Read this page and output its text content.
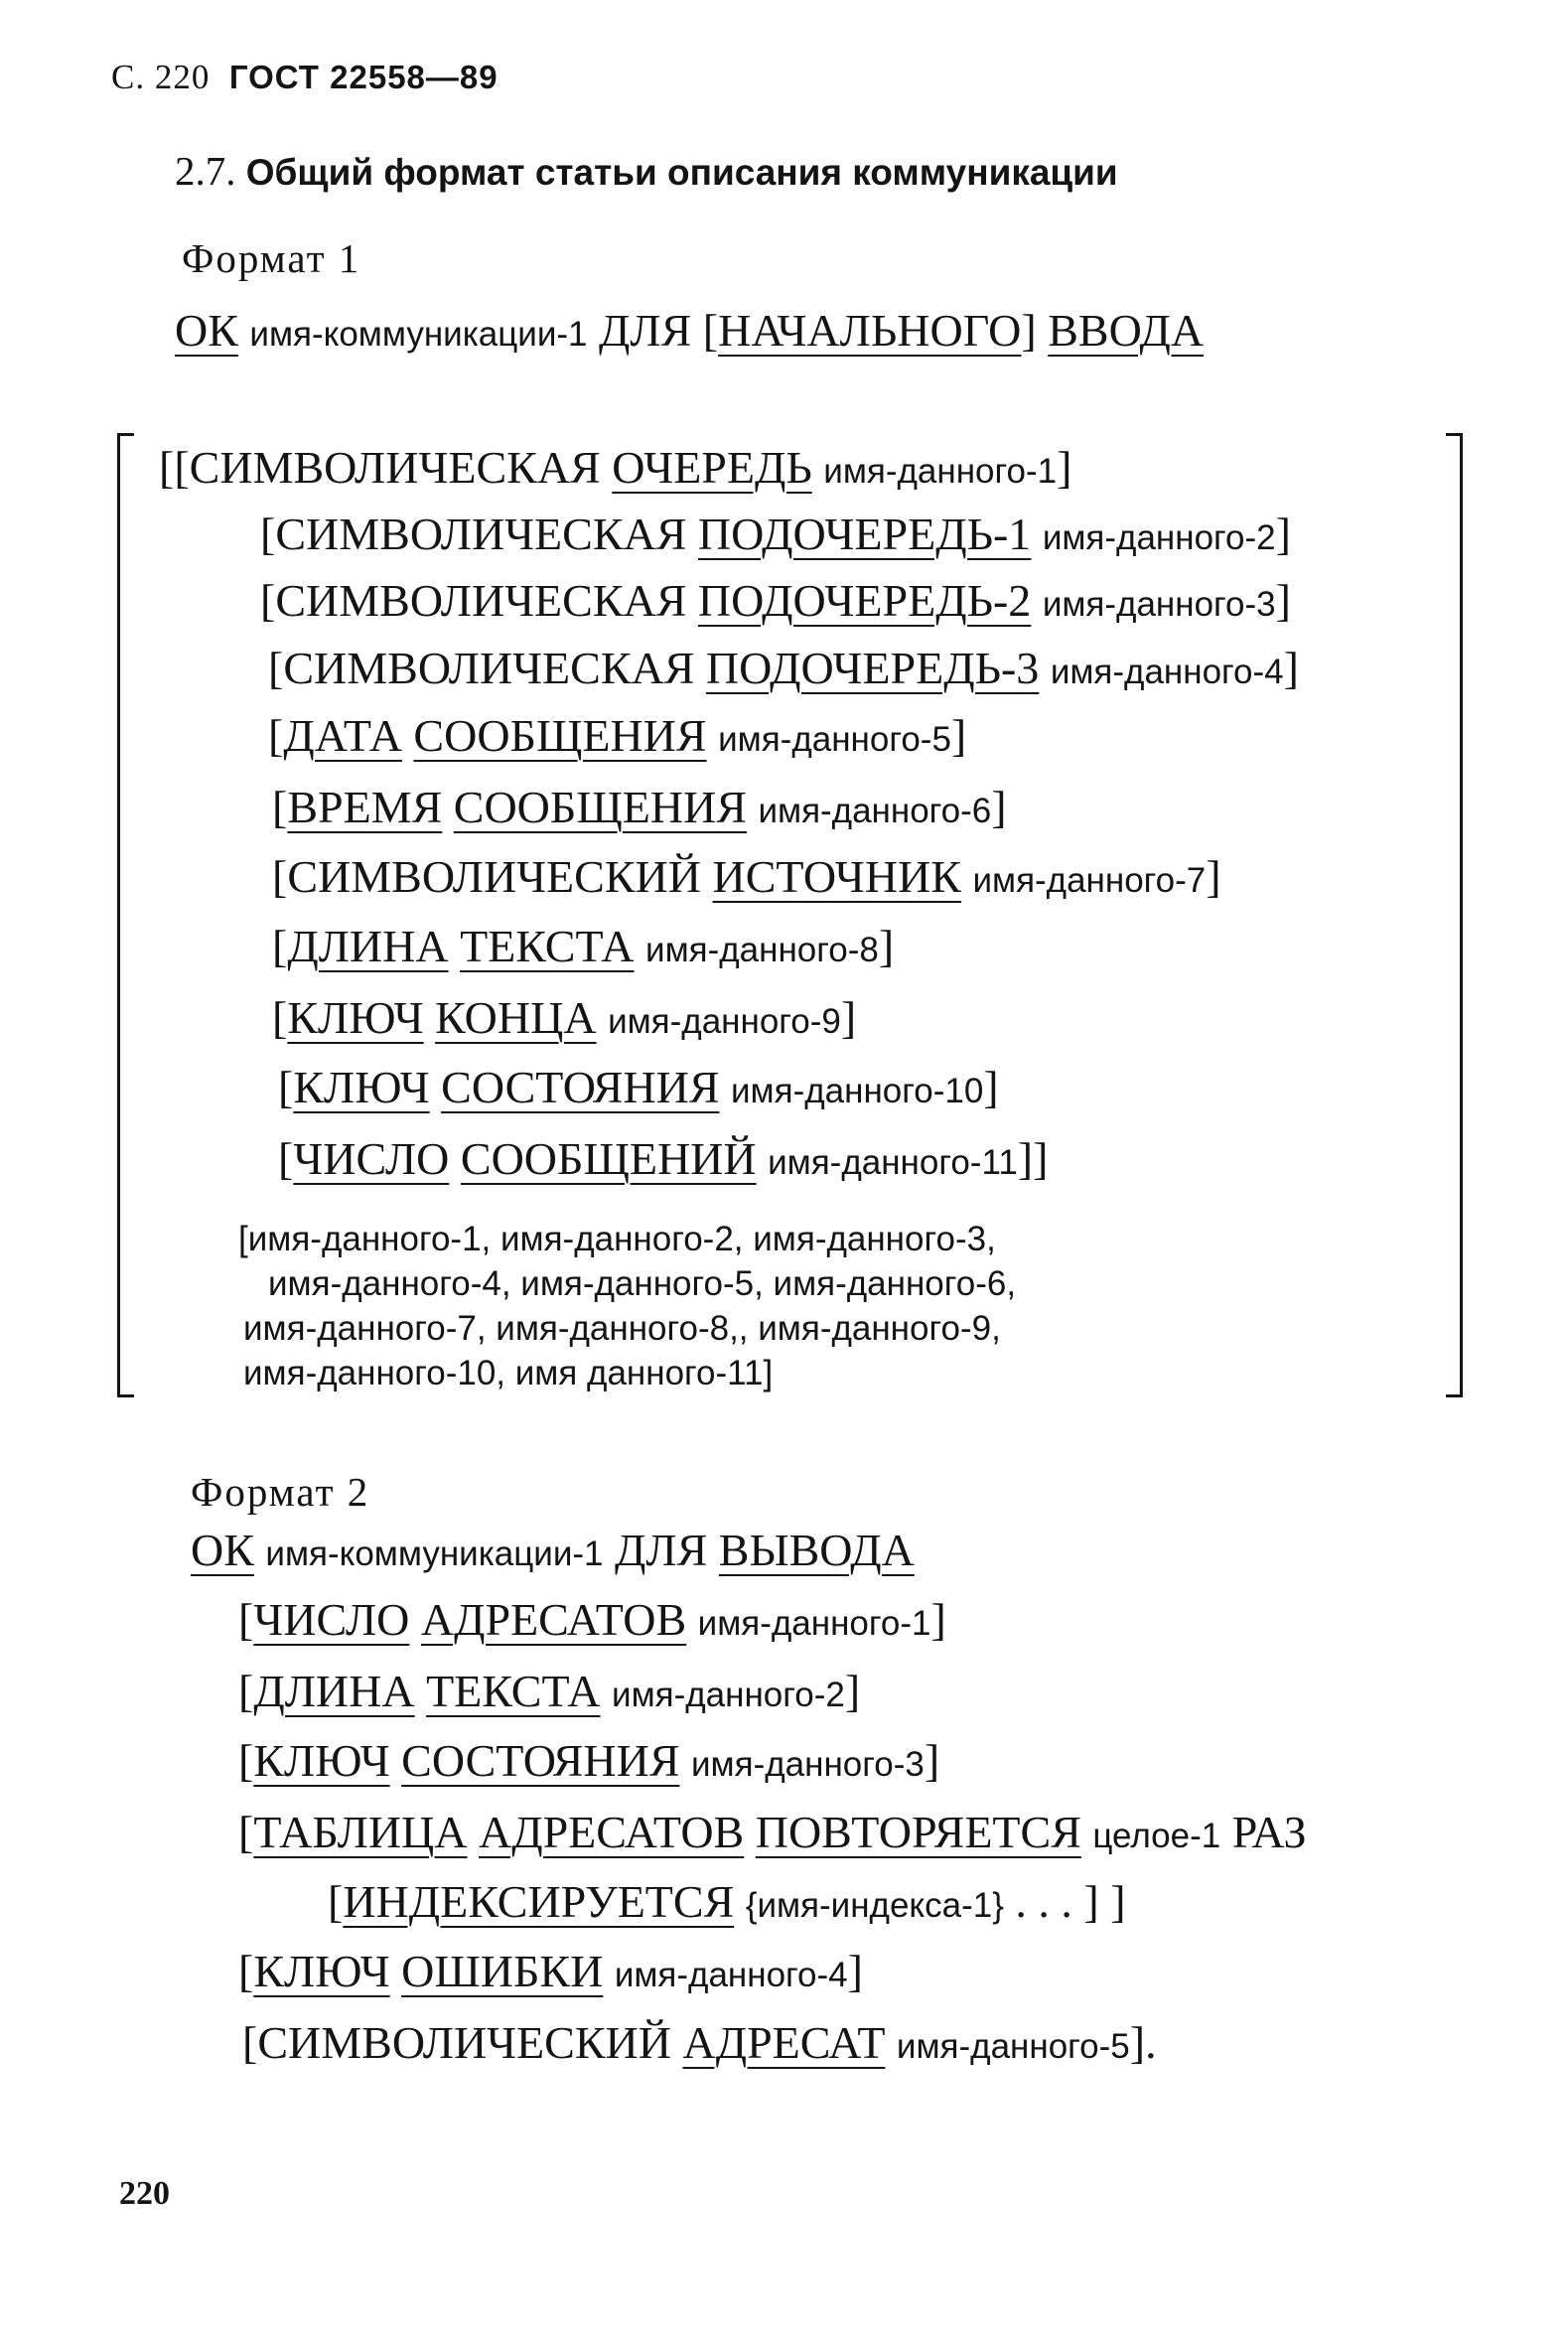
С. 220 ГОСТ 22558—89
2.7. Общий формат статьи описания коммуникации
Формат 1
ОК имя-коммуникации-1 ДЛЯ [НАЧАЛЬНОГО] ВВОДА
[[СИМВОЛИЧЕСКАЯ ОЧЕРЕДЬ имя-данного-1]
[СИМВОЛИЧЕСКАЯ ПОДОЧЕРЕДЬ-1 имя-данного-2]
[СИМВОЛИЧЕСКАЯ ПОДОЧЕРЕДЬ-2 имя-данного-3]
[СИМВОЛИЧЕСКАЯ ПОДОЧЕРЕДЬ-3 имя-данного-4]
[ДАТА СООБЩЕНИЯ имя-данного-5]
[ВРЕМЯ СООБЩЕНИЯ имя-данного-6]
[СИМВОЛИЧЕСКИЙ ИСТОЧНИК имя-данного-7]
[ДЛИНА ТЕКСТА имя-данного-8]
[КЛЮЧ КОНЦА имя-данного-9]
[КЛЮЧ СОСТОЯНИЯ имя-данного-10]
[ЧИСЛО СООБЩЕНИЙ имя-данного-11]]
[имя-данного-1, имя-данного-2, имя-данного-3,
имя-данного-4, имя-данного-5, имя-данного-6,
имя-данного-7, имя-данного-8,, имя-данного-9,
имя-данного-10, имя данного-11]
Формат 2
ОК имя-коммуникации-1 ДЛЯ ВЫВОДА
[ЧИСЛО АДРЕСАТОВ имя-данного-1]
[ДЛИНА ТЕКСТА имя-данного-2]
[КЛЮЧ СОСТОЯНИЯ имя-данного-3]
[ТАБЛИЦА АДРЕСАТОВ ПОВТОРЯЕТСЯ целое-1 РАЗ
[ИНДЕКСИРУЕТСЯ {имя-индекса-1} . . . ] ]
[КЛЮЧ ОШИБКИ имя-данного-4]
[СИМВОЛИЧЕСКИЙ АДРЕСАТ имя-данного-5].
220
